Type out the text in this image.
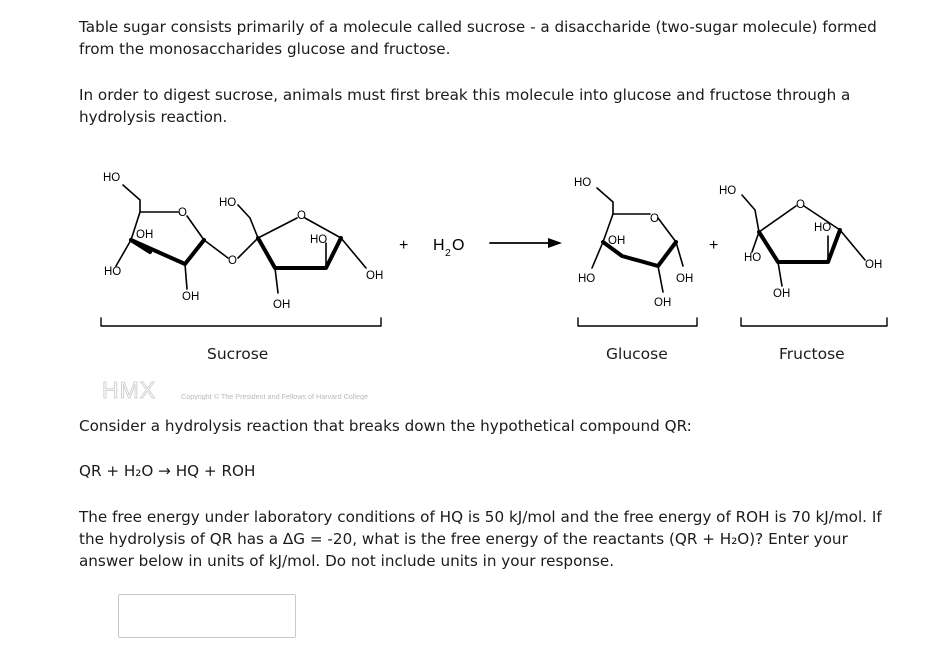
Table sugar consists primarily of a molecule called sucrose - a disaccharide (two-sugar molecule) formed from the monosaccharides glucose and fructose.

In order to digest sucrose, animals must first break this molecule into glucose and fructose through a hydrolysis reaction.

HO
O
OH
HO
OH
O
HO
O
HO
OH
OH
+ H 2 O
HO
O
OH
HO	OH
OH
+
HO
O
HO
HO
OH
OH
Sucrose	Glucose	Fructose
HMX	Copyright © The President and Fellows of Harvard College

Consider a hydrolysis reaction that breaks down the hypothetical compound QR:

QR + H₂O → HQ + ROH

The free energy under laboratory conditions of HQ is 50 kJ/mol and the free energy of ROH is 70 kJ/mol. If the hydrolysis of QR has a ΔG = -20, what is the free energy of the reactants (QR + H₂O)? Enter your answer below in units of kJ/mol. Do not include units in your response.
